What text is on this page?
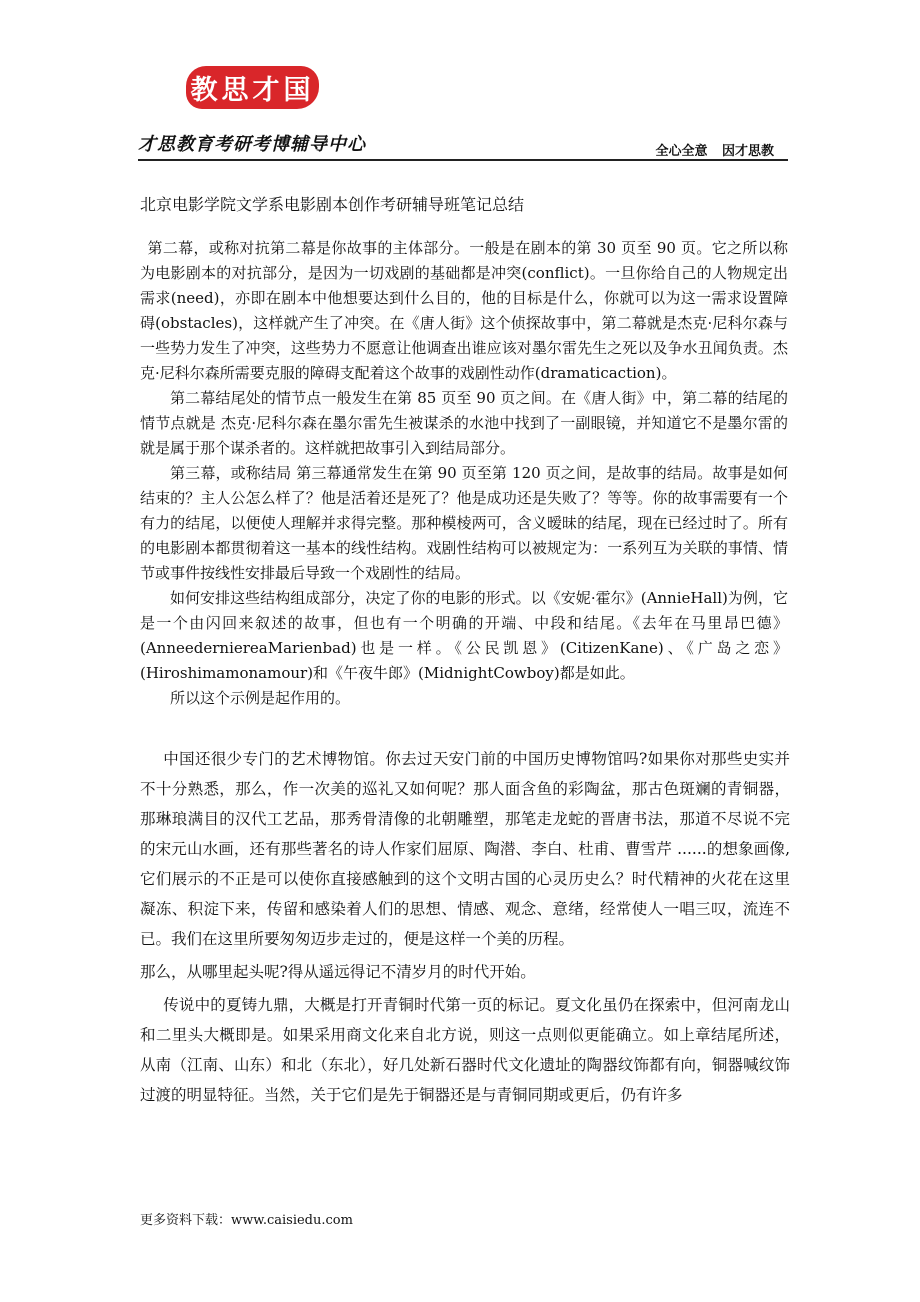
教思才国
才思教育考研考博辅导中心	全心全意 因才思教
北京电影学院文学系电影剧本创作考研辅导班笔记总结

第二幕，或称对抗第二幕是你故事的主体部分。一般是在剧本的第 30 页至 90 页。它之所以称为电影剧本的对抗部分，是因为一切戏剧的基础都是冲突(conflict)。一旦你给自己的人物规定出需求(need)，亦即在剧本中他想要达到什么目的，他的目标是什么，你就可以为这一需求设置障碍(obstacles)，这样就产生了冲突。在《唐人街》这个侦探故事中，第二幕就是杰克·尼科尔森与一些势力发生了冲突，这些势力不愿意让他调查出谁应该对墨尔雷先生之死以及争水丑闻负责。杰克·尼科尔森所需要克服的障碍支配着这个故事的戏剧性动作(dramaticaction)。

第二幕结尾处的情节点一般发生在第 85 页至 90 页之间。在《唐人街》中，第二幕的结尾的情节点就是 杰克·尼科尔森在墨尔雷先生被谋杀的水池中找到了一副眼镜，并知道它不是墨尔雷的就是属于那个谋杀者的。这样就把故事引入到结局部分。

第三幕，或称结局 第三幕通常发生在第 90 页至第 120 页之间，是故事的结局。故事是如何结束的？主人公怎么样了？他是活着还是死了？他是成功还是失败了？等等。你的故事需要有一个有力的结尾，以便使人理解并求得完整。那种模棱两可，含义暧昧的结尾，现在已经过时了。所有的电影剧本都贯彻着这一基本的线性结构。戏剧性结构可以被规定为：一系列互为关联的事情、情节或事件按线性安排最后导致一个戏剧性的结局。

如何安排这些结构组成部分，决定了你的电影的形式。以《安妮·霍尔》(AnnieHall)为例，它是一个由闪回来叙述的故事，但也有一个明确的开端、中段和结尾。《去年在马里昂巴德》(AnneedernierеaMarienbad)也是一样。《公民凯恩》(CitizenKane)、《广岛之恋》(Hiroshimamonamour)和《午夜牛郎》(MidnightCowboy)都是如此。

所以这个示例是起作用的。

中国还很少专门的艺术博物馆。你去过天安门前的中国历史博物馆吗?如果你对那些史实并不十分熟悉，那么，作一次美的巡礼又如何呢？那人面含鱼的彩陶盆，那古色斑斓的青铜器，那琳琅满目的汉代工艺品，那秀骨清像的北朝雕塑，那笔走龙蛇的晋唐书法，那道不尽说不完的宋元山水画，还有那些著名的诗人作家们屈原、陶潜、李白、杜甫、曹雪芹 ......的想象画像,它们展示的不正是可以使你直接感触到的这个文明古国的心灵历史么？时代精神的火花在这里凝冻、积淀下来，传留和感染着人们的思想、情感、观念、意绪，经常使人一唱三叹，流连不已。我们在这里所要匆匆迈步走过的，便是这样一个美的历程。

那么，从哪里起头呢?得从遥远得记不清岁月的时代开始。

传说中的夏铸九鼎，大概是打开青铜时代第一页的标记。夏文化虽仍在探索中，但河南龙山和二里头大概即是。如果采用商文化来自北方说，则这一点则似更能确立。如上章结尾所述，从南（江南、山东）和北（东北），好几处新石器时代文化遗址的陶器纹饰都有向，铜器喊纹饰过渡的明显特征。当然，关于它们是先于铜器还是与青铜同期或更后，仍有许多

更多资料下载：www.caisiedu.com
